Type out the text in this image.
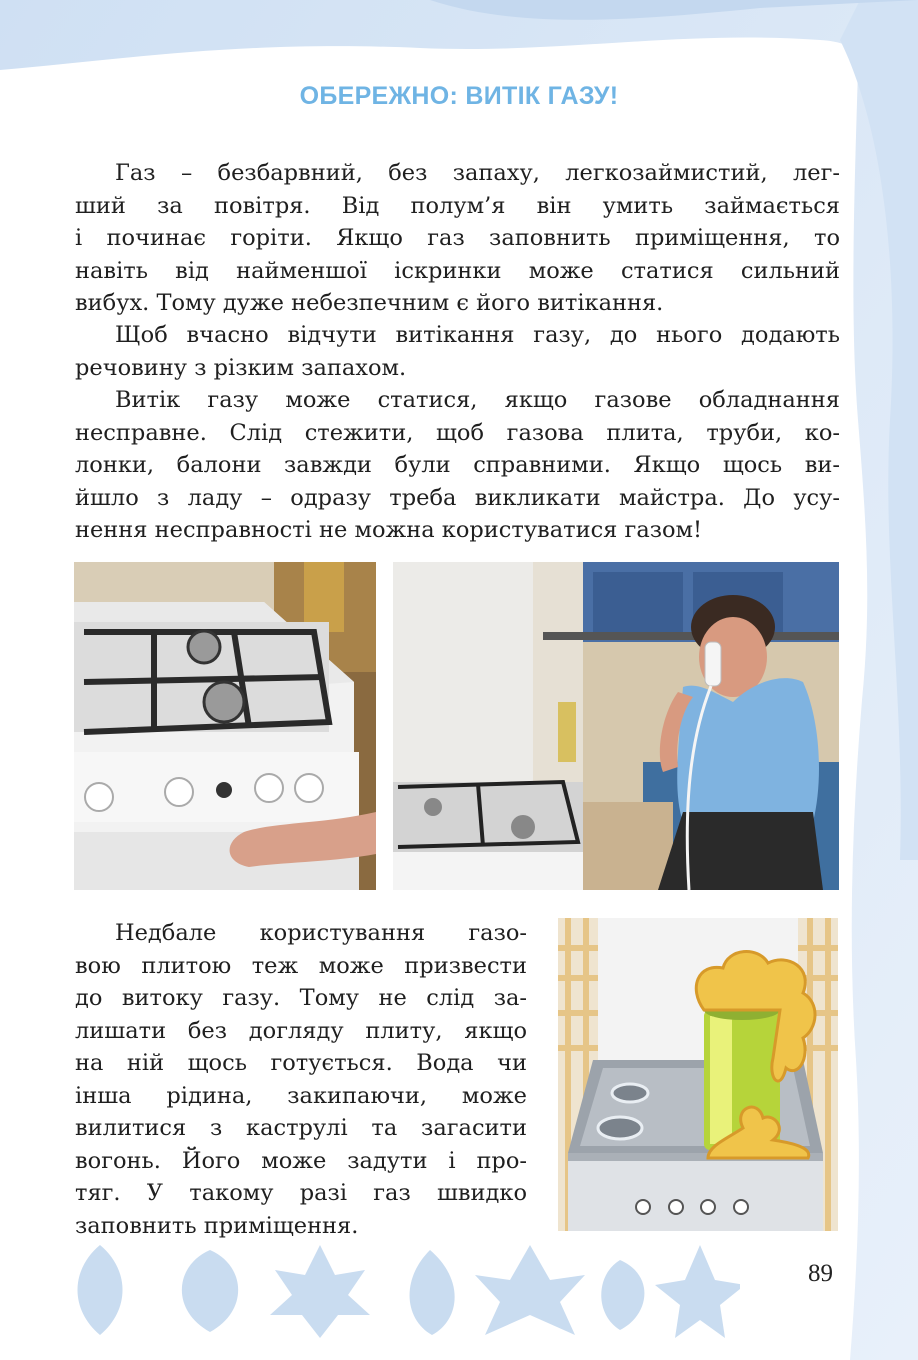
ОБЕРЕЖНО: ВИТІК ГАЗУ!
Газ – безбарвний, без запаху, легкозаймистий, лег-
ший за повітря. Від полум’я він умить займається
і починає горіти. Якщо газ заповнить приміщення, то
навіть від найменшої іскринки може статися сильний
вибух. Тому дуже небезпечним є його витікання.
Щоб вчасно відчути витікання газу, до нього додають
речовину з різким запахом.
Витік газу може статися, якщо газове обладнання
несправне. Слід стежити, щоб газова плита, труби, ко-
лонки, балони завжди були справними. Якщо щось ви-
йшло з ладу – одразу треба викликати майстра. До усу-
нення несправності не можна користуватися газом!
Недбале користування газо-
вою плитою теж може призвести
до витоку газу. Тому не слід за-
лишати без догляду плиту, якщо
на ній щось готується. Вода чи
інша рідина, закипаючи, може
вилитися з каструлі та загасити
вогонь. Його може задути і про-
тяг. У такому разі газ швидко
заповнить приміщення.
89
